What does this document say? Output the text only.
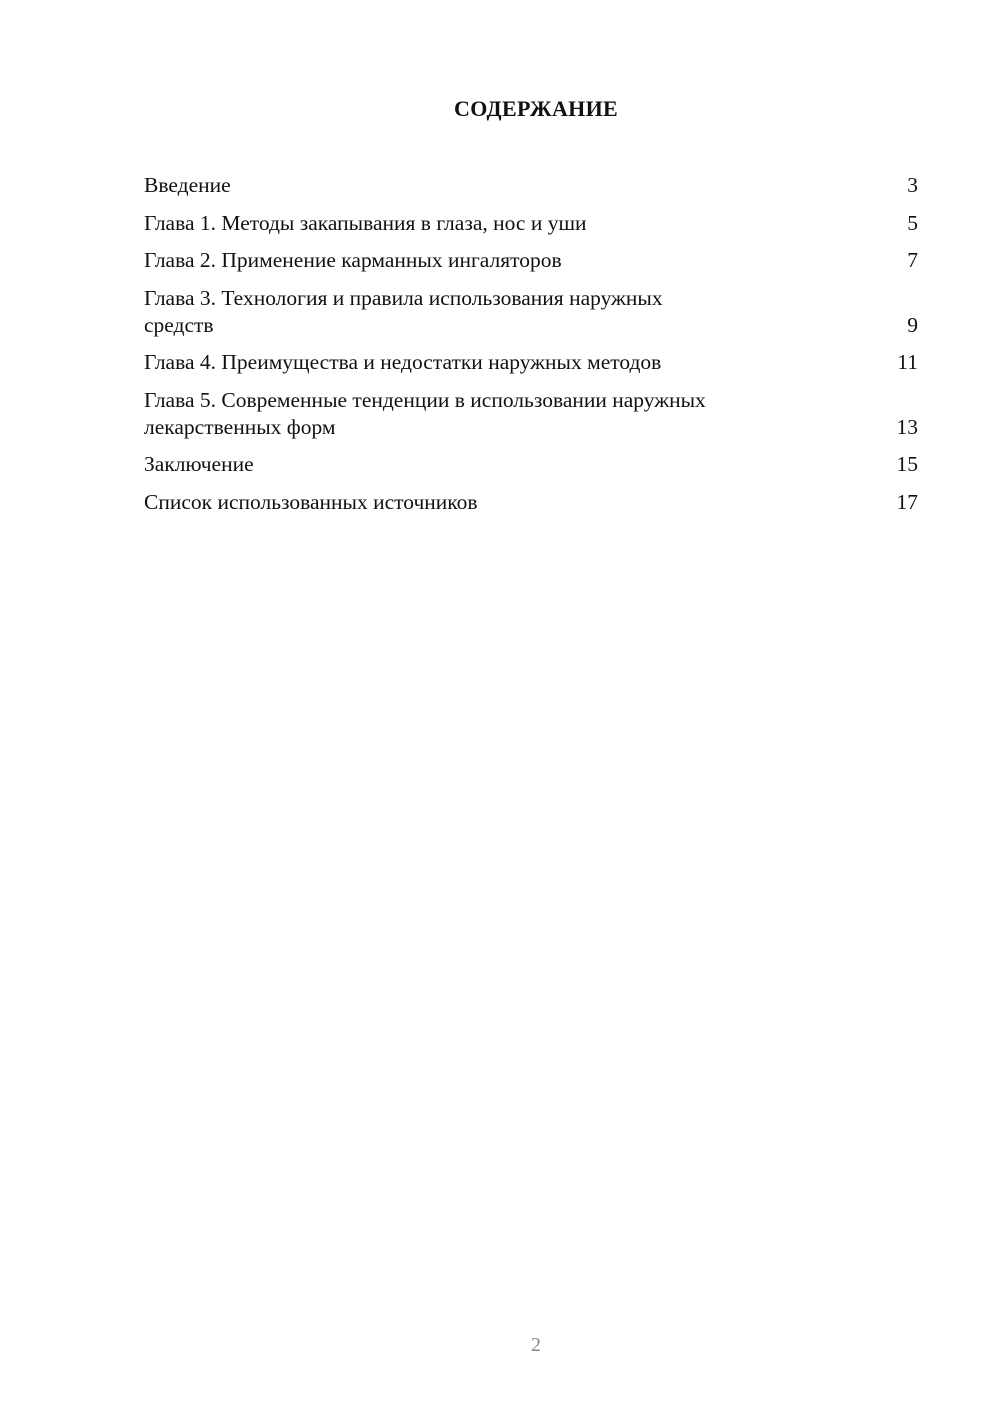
СОДЕРЖАНИЕ
Введение	3
Глава 1. Методы закапывания в глаза, нос и уши	5
Глава 2. Применение карманных ингаляторов	7
Глава 3. Технология и правила использования наружных
средств	9
Глава 4. Преимущества и недостатки наружных методов	11
Глава 5. Современные тенденции в использовании наружных
лекарственных форм	13
Заключение	15
Список использованных источников	17
2
